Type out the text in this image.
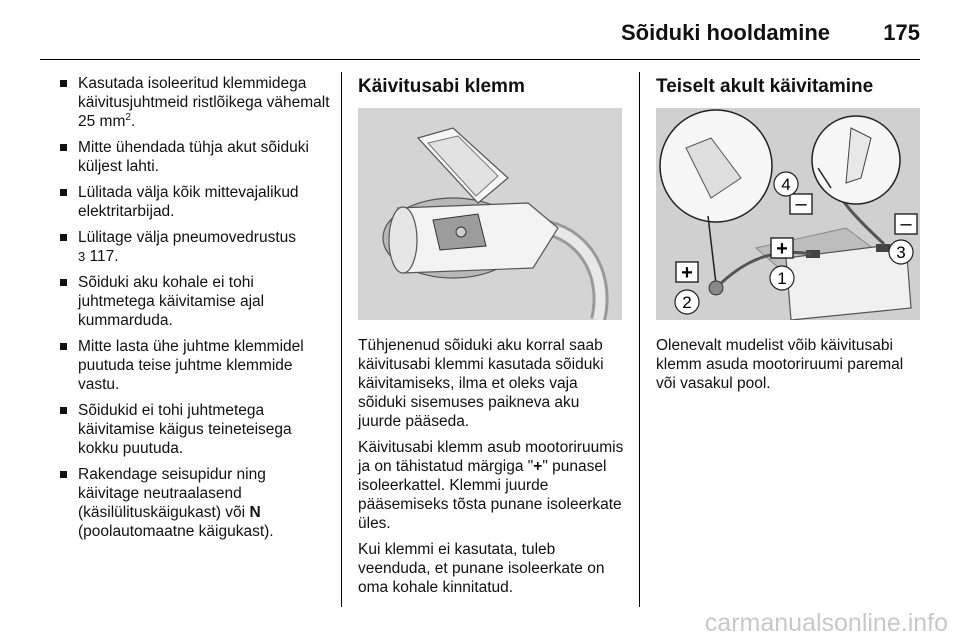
Sõiduki hooldamine 175
Kasutada isoleeritud klemmidega käivitusjuhtmeid ristlõikega vähemalt 25 $mm^2$.
Mitte ühendada tühja akut sõiduki küljest lahti.
Lülitada välja kõik mittevajalikud elektritarbijad.
Lülitage välja pneumovedrustus
3 117.
Sõiduki aku kohale ei tohi juhtmetega käivitamise ajal kummarduda.
Mitte lasta ühe juhtme klemmidel puutuda teise juhtme klemmide vastu.
Sõidukid ei tohi juhtmetega käivitamise käigus teineteisega kokku puutuda.
Rakendage seisupidur ning käivitage neutraalasend (käsilülituskäigukast) või N (poolautomaatne käigukast).
Käivitusabi klemm

Tühjenenud sõiduki aku korral saab käivitusabi klemmi kasutada sõiduki käivitamiseks, ilma et oleks vaja sõiduki sisemuses paikneva aku juurde pääseda.

Käivitusabi klemm asub mootoriruumis ja on tähistatud märgiga "+" punasel isoleerkattel. Klemmi juurde pääsemiseks tõsta punane isoleerkate üles.

Kui klemmi ei kasutata, tuleb veenduda, et punane isoleerkate on oma kohale kinnitatud.

Teiselt akult käivitamine
–
–
+
+	1
2
3
4

Olenevalt mudelist võib käivitusabi klemm asuda mootoriruumi paremal või vasakul pool.

carmanualsonline.info
